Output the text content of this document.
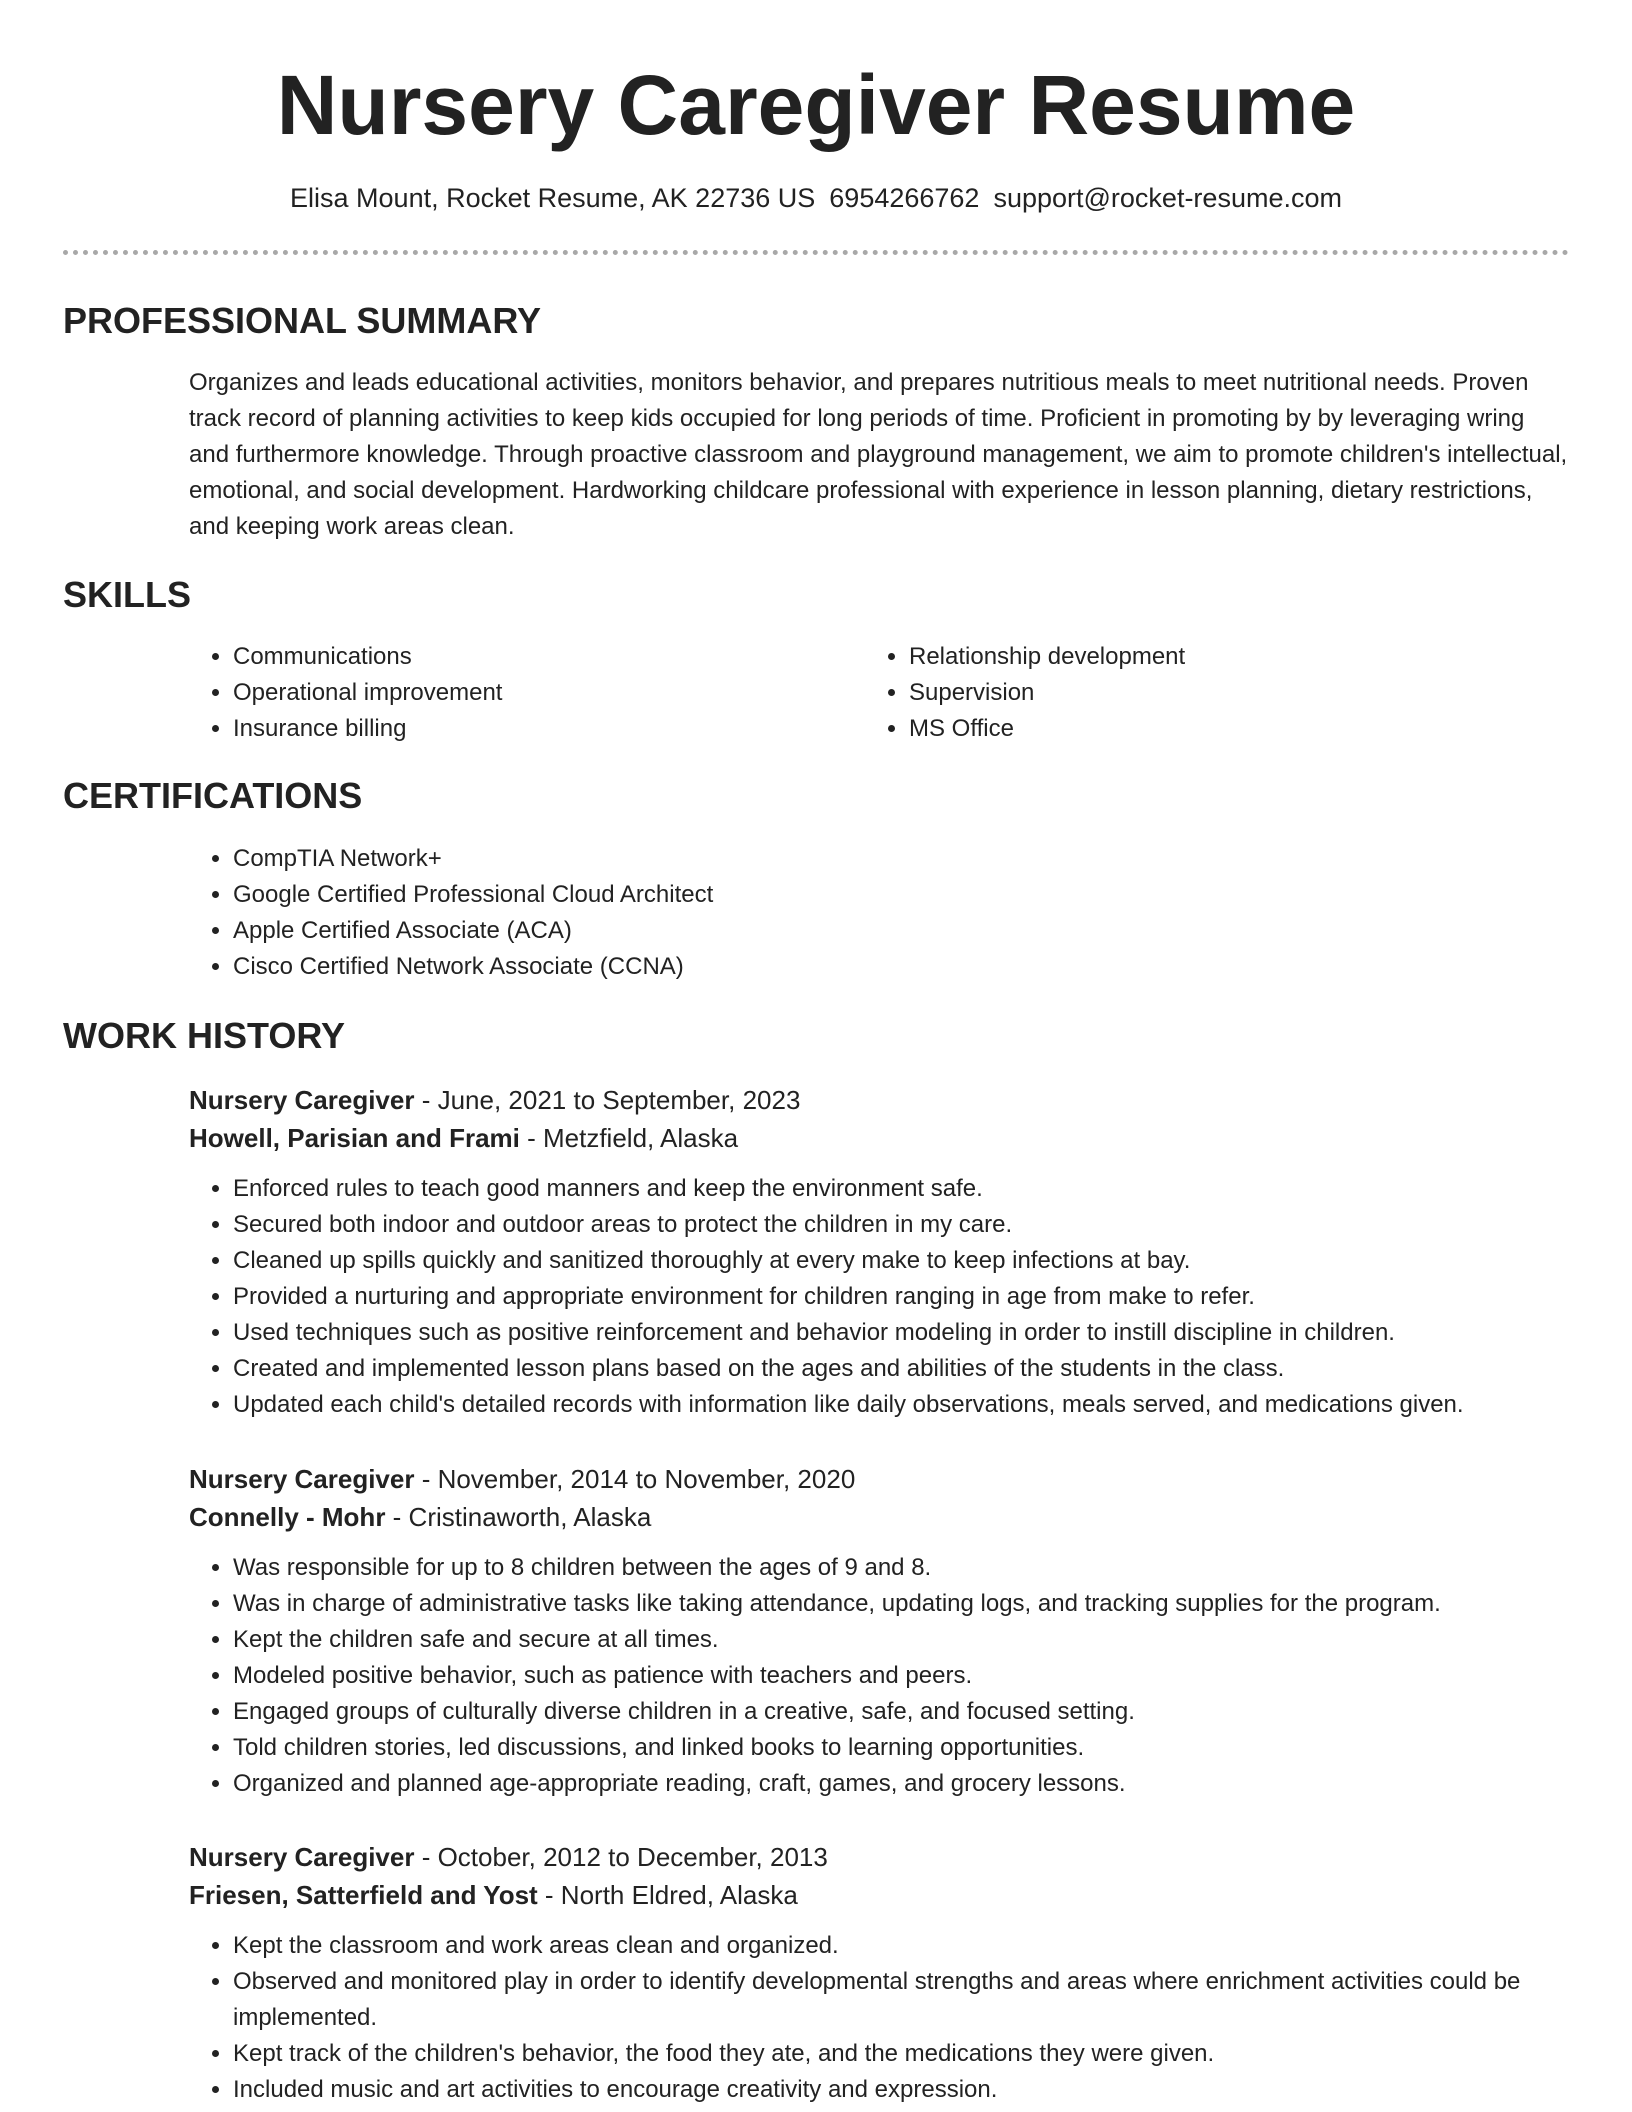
Nursery Caregiver Resume
Elisa Mount, Rocket Resume, AK 22736 US 6954266762 support@rocket-resume.com
PROFESSIONAL SUMMARY

Organizes and leads educational activities, monitors behavior, and prepares nutritious meals to meet nutritional needs. Proven track record of planning activities to keep kids occupied for long periods of time. Proficient in promoting by by leveraging wring and furthermore knowledge. Through proactive classroom and playground management, we aim to promote children's intellectual, emotional, and social development. Hardworking childcare professional with experience in lesson planning, dietary restrictions, and keeping work areas clean.

SKILLS
• Communications
• Operational improvement
• Insurance billing
• Relationship development
• Supervision
• MS Office
CERTIFICATIONS
• CompTIA Network+
• Google Certified Professional Cloud Architect
• Apple Certified Associate (ACA)
• Cisco Certified Network Associate (CCNA)
WORK HISTORY
Nursery Caregiver - June, 2021 to September, 2023
Howell, Parisian and Frami - Metzfield, Alaska
• Enforced rules to teach good manners and keep the environment safe.
• Secured both indoor and outdoor areas to protect the children in my care.
• Cleaned up spills quickly and sanitized thoroughly at every make to keep infections at bay.
• Provided a nurturing and appropriate environment for children ranging in age from make to refer.
• Used techniques such as positive reinforcement and behavior modeling in order to instill discipline in children.
• Created and implemented lesson plans based on the ages and abilities of the students in the class.
• Updated each child's detailed records with information like daily observations, meals served, and medications given.
Nursery Caregiver - November, 2014 to November, 2020
Connelly - Mohr - Cristinaworth, Alaska
• Was responsible for up to 8 children between the ages of 9 and 8.
• Was in charge of administrative tasks like taking attendance, updating logs, and tracking supplies for the program.
• Kept the children safe and secure at all times.
• Modeled positive behavior, such as patience with teachers and peers.
• Engaged groups of culturally diverse children in a creative, safe, and focused setting.
• Told children stories, led discussions, and linked books to learning opportunities.
• Organized and planned age-appropriate reading, craft, games, and grocery lessons.
Nursery Caregiver - October, 2012 to December, 2013
Friesen, Satterfield and Yost - North Eldred, Alaska
• Kept the classroom and work areas clean and organized.
• Observed and monitored play in order to identify developmental strengths and areas where enrichment activities could be implemented.
• Kept track of the children's behavior, the food they ate, and the medications they were given.
• Included music and art activities to encourage creativity and expression.
